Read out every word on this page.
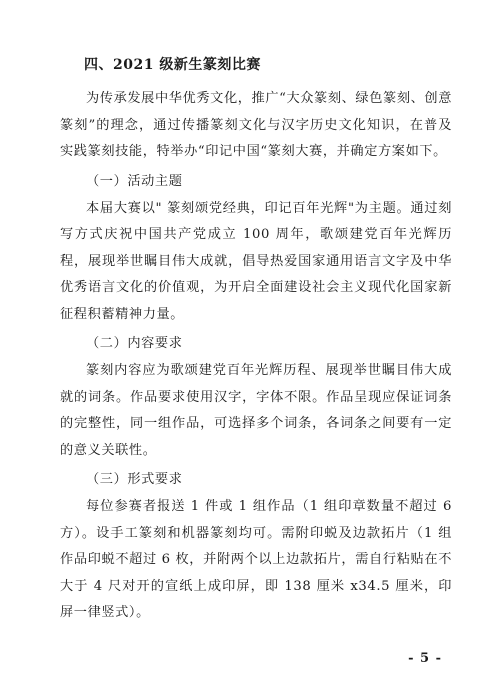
四、2021 级新生篆刻比赛

为传承发展中华优秀文化，推广“大众篆刻、绿色篆刻、创意篆刻”的理念，通过传播篆刻文化与汉字历史文化知识，在普及实践篆刻技能，特举办“印记中国“篆刻大赛，并确定方案如下。

（一）活动主题

本届大赛以" 篆刻颂党经典，印记百年光辉"为主题。通过刻写方式庆祝中国共产党成立 100 周年，歌颂建党百年光辉历程，展现举世瞩目伟大成就，倡导热爱国家通用语言文字及中华优秀语言文化的价值观，为开启全面建设社会主义现代化国家新征程积蓄精神力量。

（二）内容要求

篆刻内容应为歌颂建党百年光辉历程、展现举世瞩目伟大成就的词条。作品要求使用汉字，字体不限。作品呈现应保证词条的完整性，同一组作品，可选择多个词条，各词条之间要有一定的意义关联性。

（三）形式要求

每位参赛者报送 1 件或 1 组作品（1 组印章数量不超过 6 方）。设手工篆刻和机器篆刻均可。需附印蜕及边款拓片（1 组作品印蜕不超过 6 枚，并附两个以上边款拓片，需自行粘贴在不大于 4 尺对开的宣纸上成印屏，即 138 厘米 x34.5 厘米，印屏一律竖式）。

- 5 -
